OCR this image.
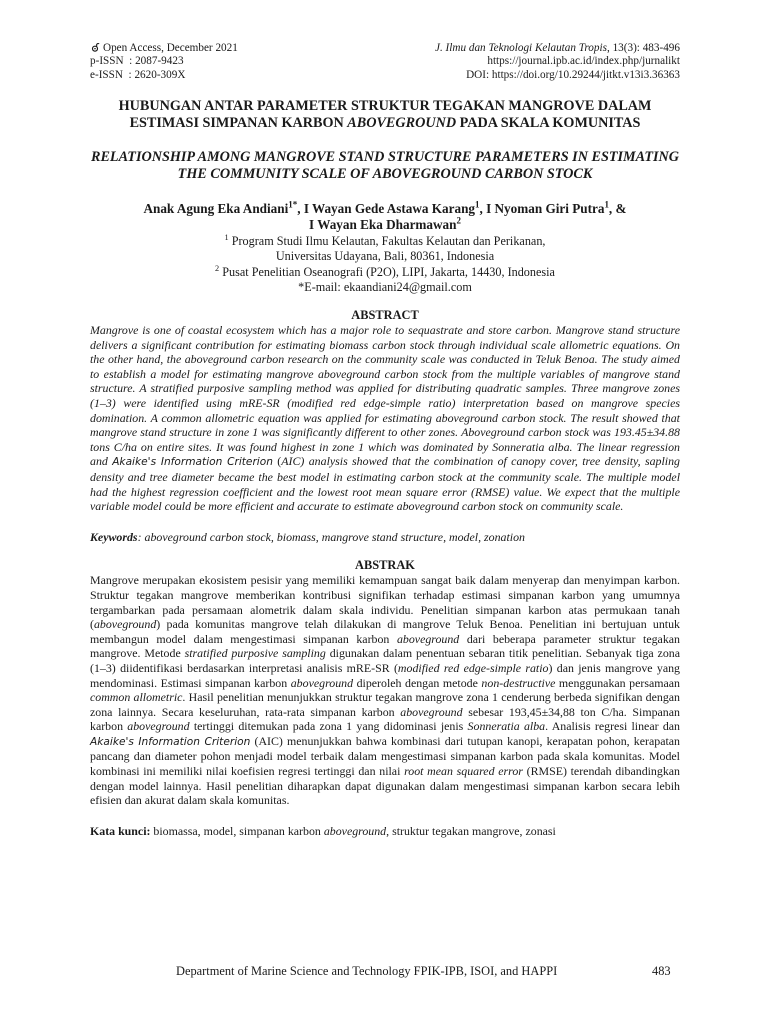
Open Access, December 2021
p-ISSN  : 2087-9423
e-ISSN  : 2620-309X
J. Ilmu dan Teknologi Kelautan Tropis, 13(3): 483-496
https://journal.ipb.ac.id/index.php/jurnalikt
DOI: https://doi.org/10.29244/jitkt.v13i3.36363
HUBUNGAN ANTAR PARAMETER STRUKTUR TEGAKAN MANGROVE DALAM ESTIMASI SIMPANAN KARBON ABOVEGROUND PADA SKALA KOMUNITAS
RELATIONSHIP AMONG MANGROVE STAND STRUCTURE PARAMETERS IN ESTIMATING THE COMMUNITY SCALE OF ABOVEGROUND CARBON STOCK
Anak Agung Eka Andiani$^{1*}$, I Wayan Gede Astawa Karang$^1$, I Nyoman Giri Putra$^1$, &
I Wayan Eka Dharmawan$^2$
$^1$ Program Studi Ilmu Kelautan, Fakultas Kelautan dan Perikanan,
Universitas Udayana, Bali, 80361, Indonesia
$^2$ Pusat Penelitian Oseanografi (P2O), LIPI, Jakarta, 14430, Indonesia
*E-mail: ekaandiani24@gmail.com
ABSTRACT
Mangrove is one of coastal ecosystem which has a major role to sequastrate and store carbon. Mangrove stand structure delivers a significant contribution for estimating biomass carbon stock through individual scale allometric equations. On the other hand, the aboveground carbon research on the community scale was conducted in Teluk Benoa. The study aimed to establish a model for estimating mangrove aboveground carbon stock from the multiple variables of mangrove stand structure. A stratified purposive sampling method was applied for distributing quadratic samples. Three mangrove zones (1–3) were identified using mRE-SR (modified red edge-simple ratio) interpretation based on mangrove species domination. A common allometric equation was applied for estimating aboveground carbon stock. The result showed that mangrove stand structure in zone 1 was significantly different to other zones. Aboveground carbon stock was 193.45±34.88 tons C/ha on entire sites. It was found highest in zone 1 which was dominated by Sonneratia alba. The linear regression and Akaike's Information Criterion (AIC) analysis showed that the combination of canopy cover, tree density, sapling density and tree diameter became the best model in estimating carbon stock at the community scale. The multiple model had the highest regression coefficient and the lowest root mean square error (RMSE) value. We expect that the multiple variable model could be more efficient and accurate to estimate aboveground carbon stock on community scale.
Keywords: aboveground carbon stock, biomass, mangrove stand structure, model, zonation
ABSTRAK
Mangrove merupakan ekosistem pesisir yang memiliki kemampuan sangat baik dalam menyerap dan menyimpan karbon. Struktur tegakan mangrove memberikan kontribusi signifikan terhadap estimasi simpanan karbon yang umumnya tergambarkan pada persamaan alometrik dalam skala individu. Penelitian simpanan karbon atas permukaan tanah (aboveground) pada komunitas mangrove telah dilakukan di mangrove Teluk Benoa. Penelitian ini bertujuan untuk membangun model dalam mengestimasi simpanan karbon aboveground dari beberapa parameter struktur tegakan mangrove. Metode stratified purposive sampling digunakan dalam penentuan sebaran titik penelitian. Sebanyak tiga zona (1–3) diidentifikasi berdasarkan interpretasi analisis mRE-SR (modified red edge-simple ratio) dan jenis mangrove yang mendominasi. Estimasi simpanan karbon aboveground diperoleh dengan metode non-destructive menggunakan persamaan common allometric. Hasil penelitian menunjukkan struktur tegakan mangrove zona 1 cenderung berbeda signifikan dengan zona lainnya. Secara keseluruhan, rata-rata simpanan karbon aboveground sebesar 193,45±34,88 ton C/ha. Simpanan karbon aboveground tertinggi ditemukan pada zona 1 yang didominasi jenis Sonneratia alba. Analisis regresi linear dan Akaike's Information Criterion (AIC) menunjukkan bahwa kombinasi dari tutupan kanopi, kerapatan pohon, kerapatan pancang dan diameter pohon menjadi model terbaik dalam mengestimasi simpanan karbon pada skala komunitas. Model kombinasi ini memiliki nilai koefisien regresi tertinggi dan nilai root mean squared error (RMSE) terendah dibandingkan dengan model lainnya. Hasil penelitian diharapkan dapat digunakan dalam mengestimasi simpanan karbon secara lebih efisien dan akurat dalam skala komunitas.
Kata kunci: biomassa, model, simpanan karbon aboveground, struktur tegakan mangrove, zonasi
Department of Marine Science and Technology FPIK-IPB, ISOI, and HAPPI	483
